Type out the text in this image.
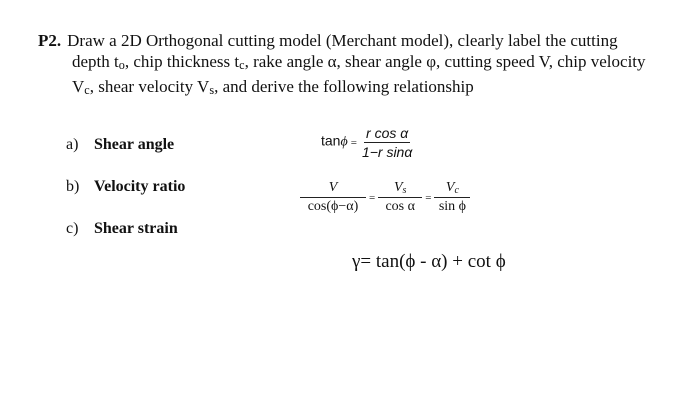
P2. Draw a 2D Orthogonal cutting model (Merchant model), clearly label the cutting
depth to, chip thickness tc, rake angle α, shear angle φ, cutting speed V, chip velocity
Vc, shear velocity Vs, and derive the following relationship
a) Shear angle
b) Velocity ratio
c) Shear strain
$\tan\phi = \frac{\text{r cos α}}{\text{1−r sinα}}$
$\frac{V}{\cos(\phi-\alpha)} = \frac{Vs}{\text{cos α}} = \frac{Vc}{\text{sin ϕ}}$
γ= tan(ϕ - α) + cot ϕ
